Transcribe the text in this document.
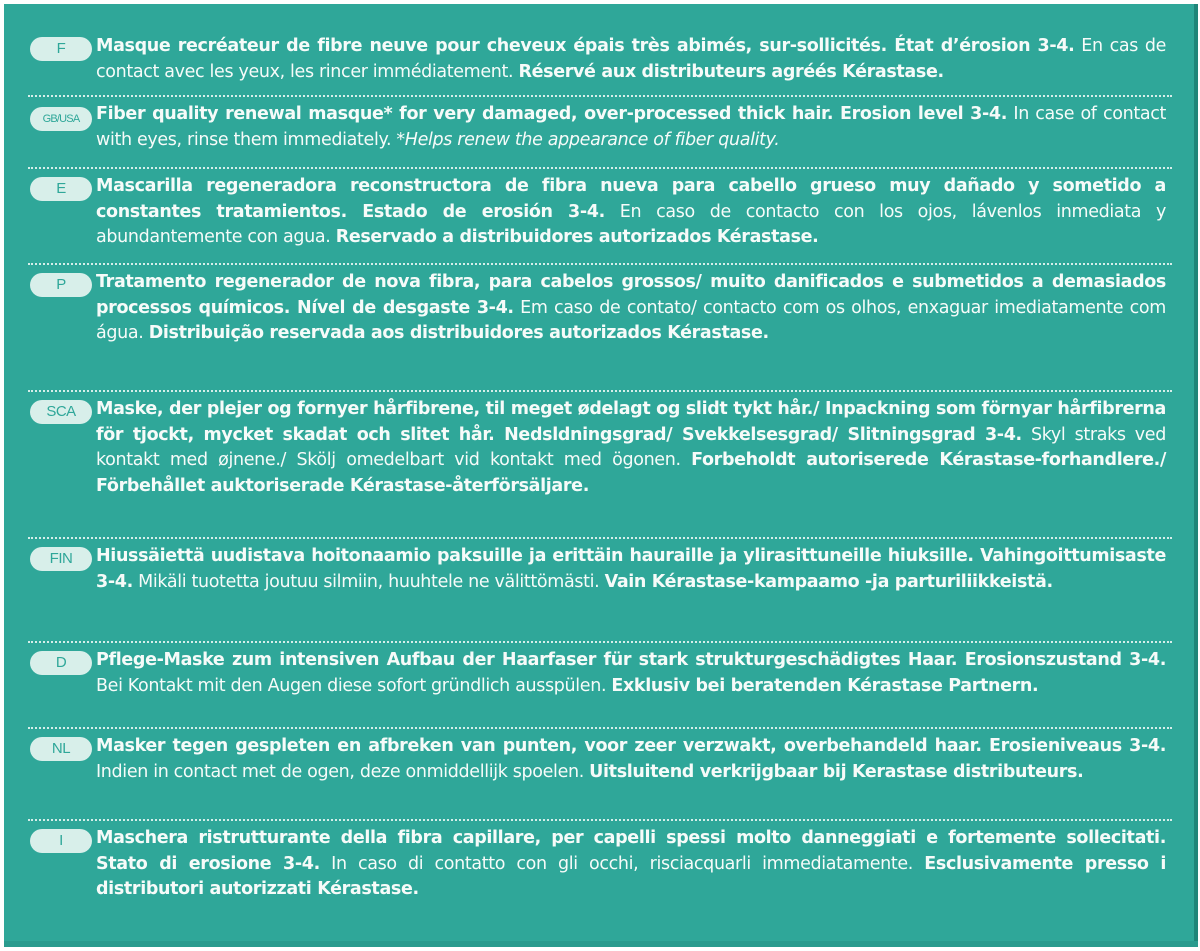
F	Masque recréateur de fibre neuve pour cheveux épais très abimés, sur-sollicités. État d’érosion 3-4. En cas de contact avec les yeux, les rincer immédiatement. Réservé aux distributeurs agréés Kérastase.
GB/USA Fiber quality renewal masque* for very damaged, over-processed thick hair. Erosion level 3-4. In case of contact with eyes, rinse them immediately. *Helps renew the appearance of fiber quality.
E	Mascarilla regeneradora reconstructora de fibra nueva para cabello grueso muy dañado y sometido a constantes tratamientos. Estado de erosión 3-4. En caso de contacto con los ojos, lávenlos inmediata y abundantemente con agua. Reservado a distribuidores autorizados Kérastase.
P	Tratamento regenerador de nova fibra, para cabelos grossos/ muito danificados e submetidos a demasiados processos químicos. Nível de desgaste 3-4. Em caso de contato/ contacto com os olhos, enxaguar imediatamente com água. Distribuição reservada aos distribuidores autorizados Kérastase.
SCA	Maske, der plejer og fornyer hårfibrene, til meget ødelagt og slidt tykt hår./ Inpackning som förnyar hårfibrerna för tjockt, mycket skadat och slitet hår. Nedsldningsgrad/ Svekkelsesgrad/ Slitningsgrad 3-4. Skyl straks ved kontakt med øjnene./ Skölj omedelbart vid kontakt med ögonen. Forbeholdt autoriserede Kérastase-forhandlere./ Förbehållet auktoriserade Kérastase-återförsäljare.
FIN	Hiussäiettä uudistava hoitonaamio paksuille ja erittäin hauraille ja ylirasittuneille hiuksille. Vahingoittumisaste 3-4. Mikäli tuotetta joutuu silmiin, huuhtele ne välittömästi. Vain Kérastase-kampaamo -ja parturiliikkeistä.
D	Pflege-Maske zum intensiven Aufbau der Haarfaser für stark strukturgeschädigtes Haar. Erosionszustand 3-4. Bei Kontakt mit den Augen diese sofort gründlich ausspülen. Exklusiv bei beratenden Kérastase Partnern.
NL	Masker tegen gespleten en afbreken van punten, voor zeer verzwakt, overbehandeld haar. Erosieniveaus 3-4. Indien in contact met de ogen, deze onmiddellijk spoelen. Uitsluitend verkrijgbaar bij Kerastase distributeurs.
I	Maschera ristrutturante della fibra capillare, per capelli spessi molto danneggiati e fortemente sollecitati. Stato di erosione 3-4. In caso di contatto con gli occhi, risciacquarli immediatamente. Esclusivamente presso i distributori autorizzati Kérastase.
